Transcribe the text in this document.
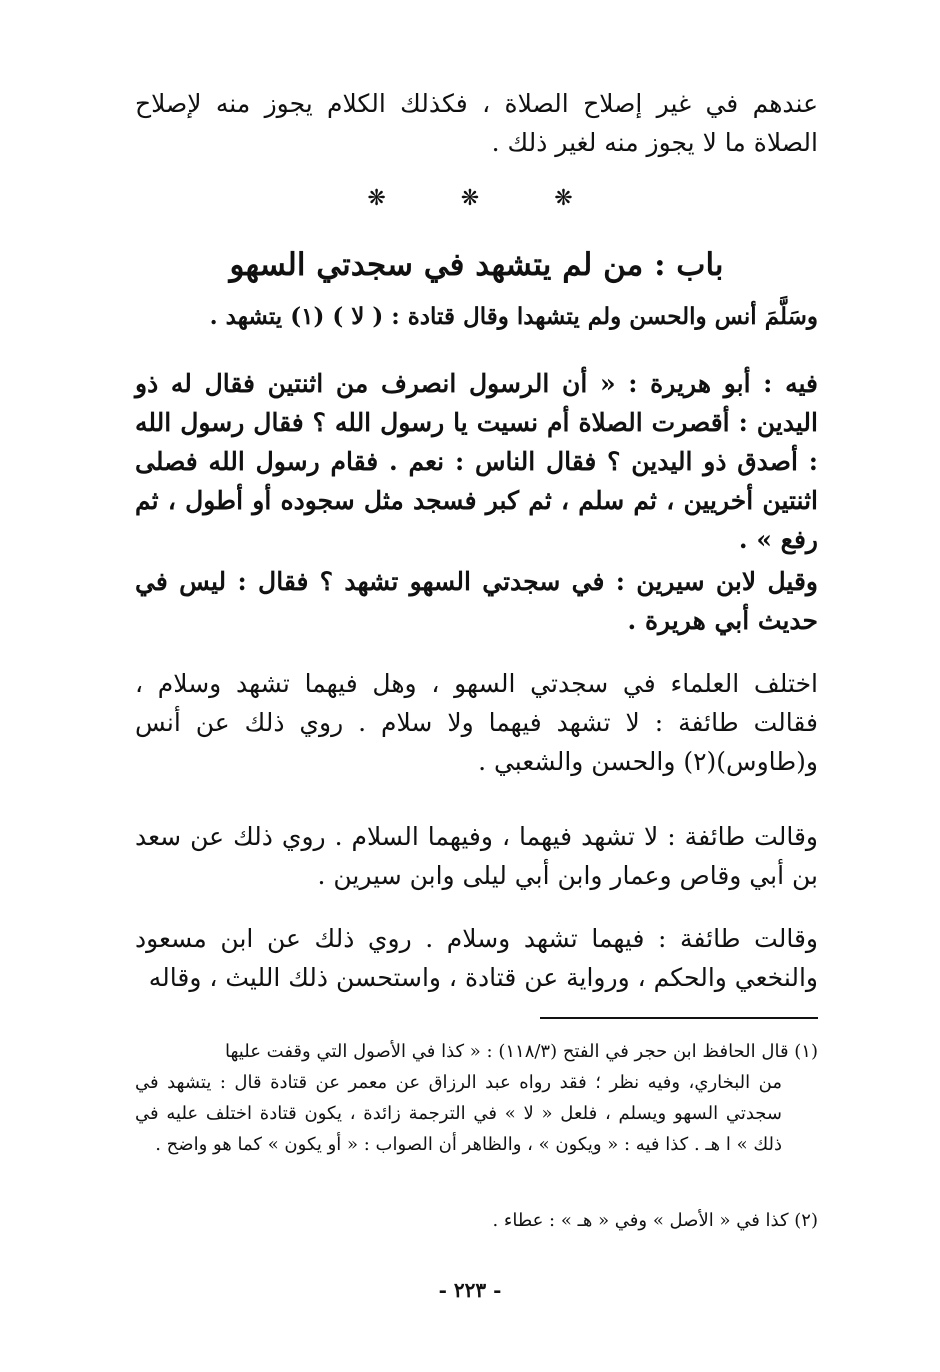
عندهم في غير إصلاح الصلاة ، فكذلك الكلام يجوز منه لإصلاح الصلاة ما لا يجوز منه لغير ذلك .
❋	❋	❋
باب : من لم يتشهد في سجدتي السهو
وسَلَّمَ أنس والحسن ولم يتشهدا وقال قتادة : ( لا ) (١) يتشهد .
فيه : أبو هريرة : « أن الرسول انصرف من اثنتين فقال له ذو اليدين : أقصرت الصلاة أم نسيت يا رسول الله ؟ فقال رسول الله : أصدق ذو اليدين ؟ فقال الناس : نعم . فقام رسول الله فصلى اثنتين أخريين ، ثم سلم ، ثم كبر فسجد مثل سجوده أو أطول ، ثم رفع » .
وقيل لابن سيرين : في سجدتي السهو تشهد ؟ فقال : ليس في حديث أبي هريرة .
اختلف العلماء في سجدتي السهو ، وهل فيهما تشهد وسلام ، فقالت طائفة : لا تشهد فيهما ولا سلام . روي ذلك عن أنس و(طاوس)(٢) والحسن والشعبي .
وقالت طائفة : لا تشهد فيهما ، وفيهما السلام . روي ذلك عن سعد بن أبي وقاص وعمار وابن أبي ليلى وابن سيرين .
وقالت طائفة : فيهما تشهد وسلام . روي ذلك عن ابن مسعود والنخعي والحكم ، ورواية عن قتادة ، واستحسن ذلك الليث ، وقاله
(١) قال الحافظ ابن حجر في الفتح (١١٨/٣) : « كذا في الأصول التي وقفت عليها
من البخاري، وفيه نظر ؛ فقد رواه عبد الرزاق عن معمر عن قتادة قال : يتشهد في سجدتي السهو ويسلم ، فلعل « لا » في الترجمة زائدة ، يكون قتادة اختلف عليه في ذلك » ا هـ . كذا فيه : « ويكون » ، والظاهر أن الصواب : « أو يكون » كما هو واضح .
(٢) كذا في « الأصل » وفي « هـ » : عطاء .
- ٢٢٣ -
